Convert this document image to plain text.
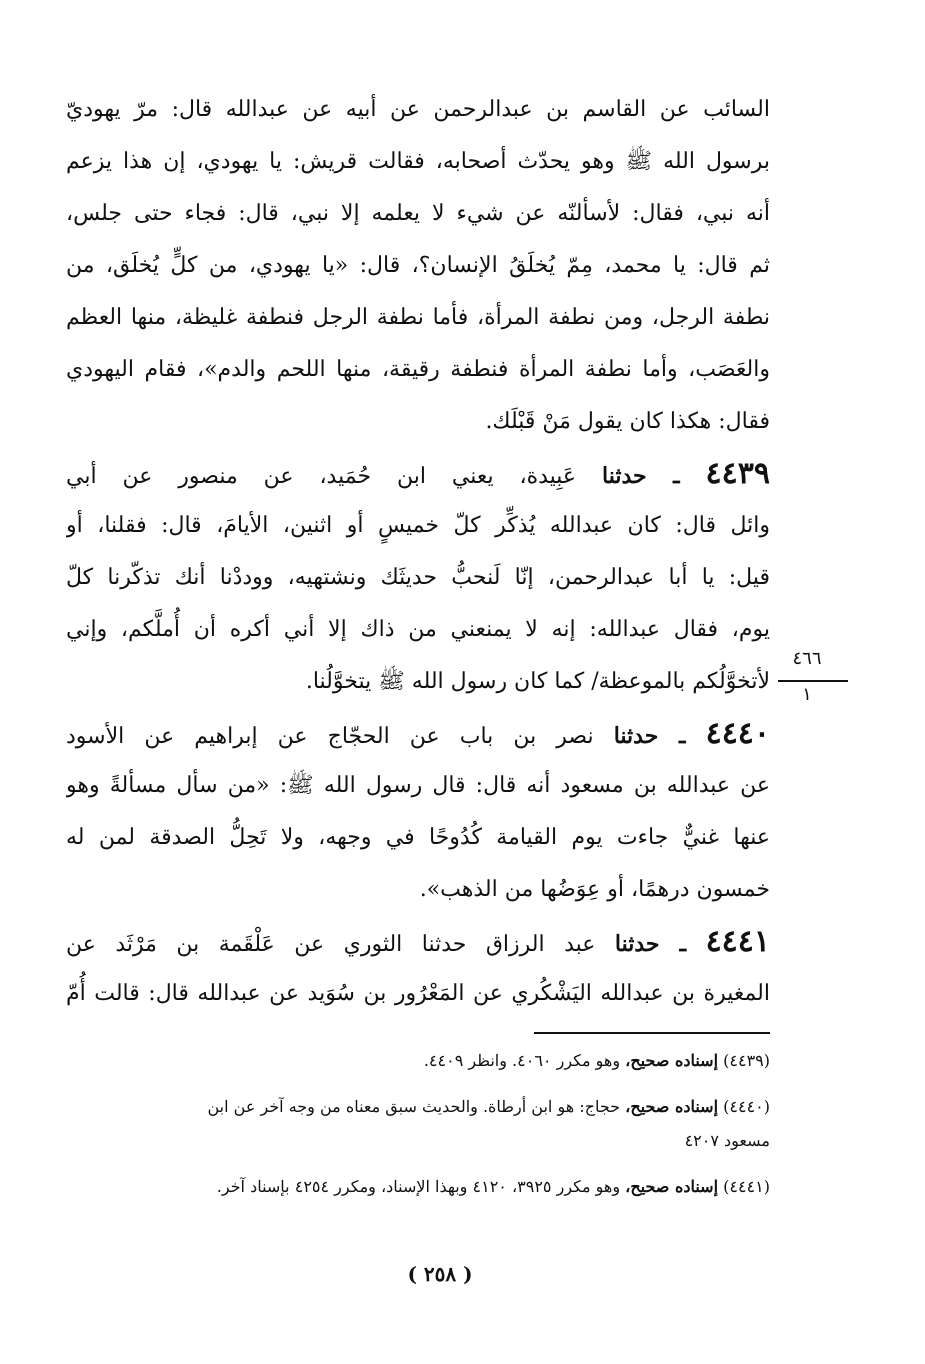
السائب عن القاسم بن عبدالرحمن عن أبيه عن عبدالله قال: مرّ يهوديّ
برسول الله ﷺ وهو يحدّث أصحابه، فقالت قريش: يا يهودي، إن هذا يزعم
أنه نبي، فقال: لأسألنّه عن شيء لا يعلمه إلا نبي، قال: فجاء حتى جلس،
ثم قال: يا محمد، مِمّ يُخلَقُ الإنسان؟، قال: «يا يهودي، من كلٍّ يُخلَق، من
نطفة الرجل، ومن نطفة المرأة، فأما نطفة الرجل فنطفة غليظة، منها العظم
والعَصَب، وأما نطفة المرأة فنطفة رقيقة، منها اللحم والدم»، فقام اليهودي
فقال: هكذا كان يقول مَنْ قَبْلَك.
٤٤٣٩ ـ حدثنا عَبِيدة، يعني ابن حُمَيد، عن منصور عن أبي
وائل قال: كان عبدالله يُذكِّر كلّ خميسٍ أو اثنين، الأيامَ، قال: فقلنا، أو
قيل: يا أبا عبدالرحمن، إنّا لَنحبُّ حديثَك ونشتهيه، ووددْنا أنك تذكّرنا كلّ
يوم، فقال عبدالله: إنه لا يمنعني من ذاك إلا أني أكره أن أُملَّكم، وإني
لأتخوَّلُكم بالموعظة/ كما كان رسول الله ﷺ يتخوَّلُنا.
٤٤٤٠ ـ حدثنا نصر بن باب عن الحجّاج عن إبراهيم عن الأسود
عن عبدالله بن مسعود أنه قال: قال رسول الله ﷺ: «من سأل مسألةً وهو
عنها غنيٌّ جاءت يوم القيامة كُدُوحًا في وجهه، ولا تَحِلُّ الصدقة لمن له
خمسون درهمًا، أو عِوَضُها من الذهب».
٤٤٤١ ـ حدثنا عبد الرزاق حدثنا الثوري عن عَلْقَمة بن مَرْثَد عن
المغيرة بن عبدالله اليَشْكُري عن المَعْرُور بن سُوَيد عن عبدالله قال: قالت أُمّ
٤٦٦
١
(٤٤٣٩) إسناده صحيح، وهو مكرر ٤٠٦٠. وانظر ٤٤٠٩.
(٤٤٤٠) إسناده صحيح، حجاج: هو ابن أرطاة. والحديث سبق معناه من وجه آخر عن ابن
مسعود ٤٢٠٧
(٤٤٤١) إسناده صحيح، وهو مكرر ٣٩٢٥، ٤١٢٠ وبهذا الإسناد، ومكرر ٤٢٥٤ بإسناد آخر.
( ٢٥٨ )
